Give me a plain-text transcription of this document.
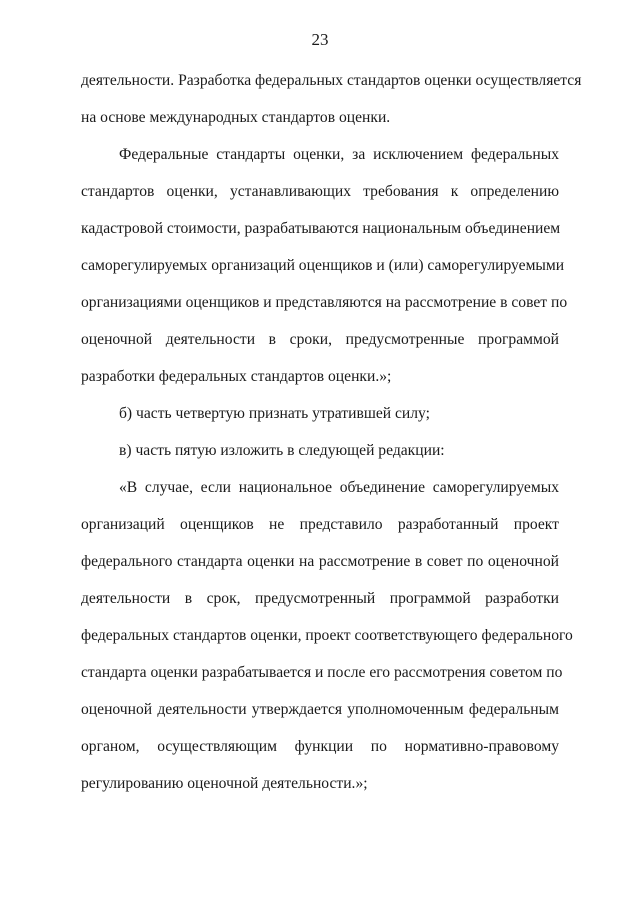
23
деятельности. Разработка федеральных стандартов оценки осуществляется
на основе международных стандартов оценки.
Федеральные стандарты оценки, за исключением федеральных
стандартов оценки, устанавливающих требования к определению
кадастровой стоимости, разрабатываются национальным объединением
саморегулируемых организаций оценщиков и (или) саморегулируемыми
организациями оценщиков и представляются на рассмотрение в совет по
оценочной деятельности в сроки, предусмотренные программой
разработки федеральных стандартов оценки.»;
б) часть четвертую признать утратившей силу;
в) часть пятую изложить в следующей редакции:
«В случае, если национальное объединение саморегулируемых
организаций оценщиков не представило разработанный проект
федерального стандарта оценки на рассмотрение в совет по оценочной
деятельности в срок, предусмотренный программой разработки
федеральных стандартов оценки, проект соответствующего федерального
стандарта оценки разрабатывается и после его рассмотрения советом по
оценочной деятельности утверждается уполномоченным федеральным
органом, осуществляющим функции по нормативно-правовому
регулированию оценочной деятельности.»;
